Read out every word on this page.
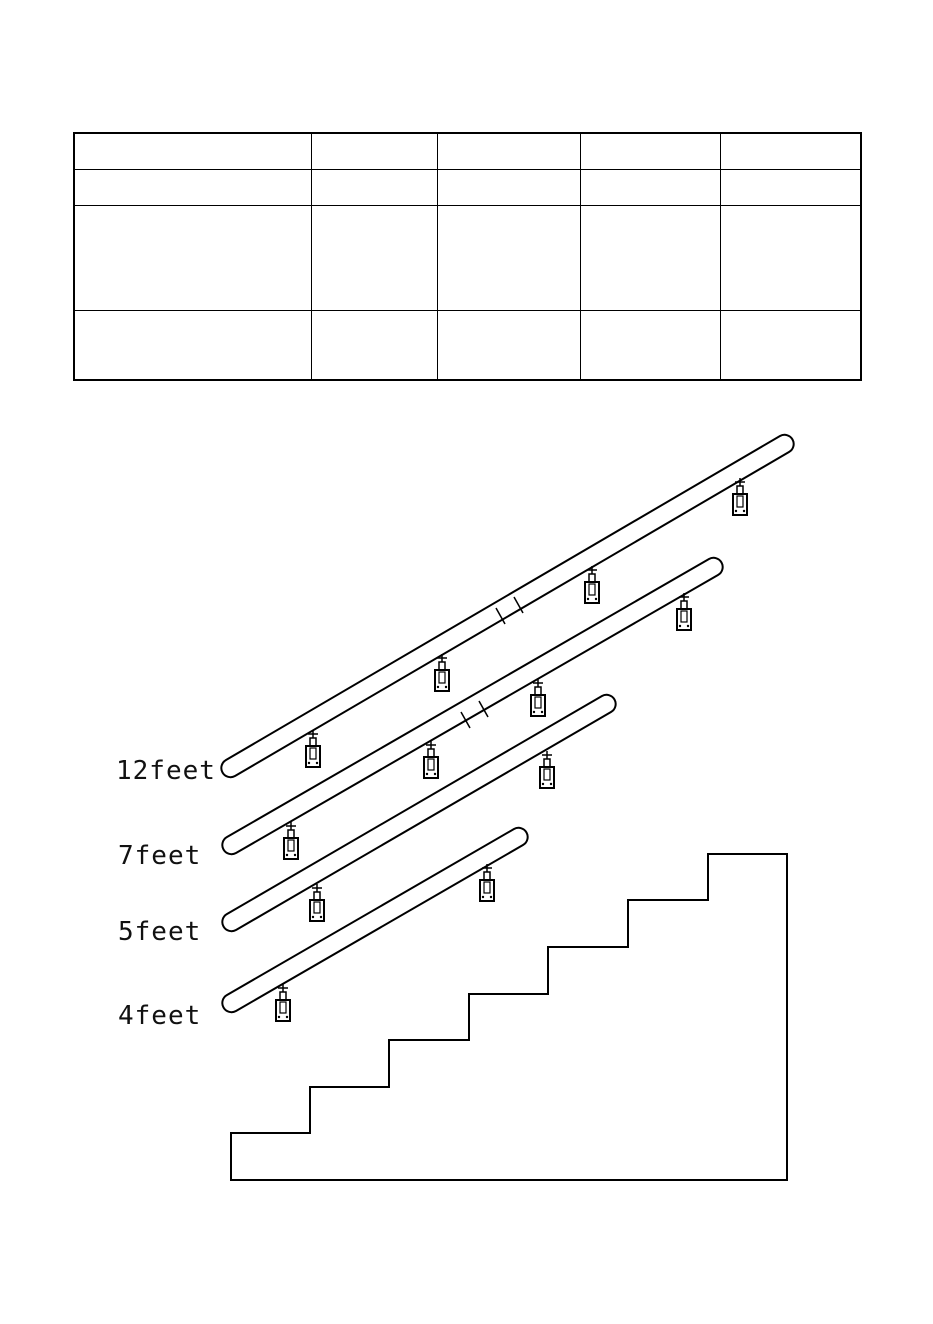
12feet
7feet
5feet
4feet
